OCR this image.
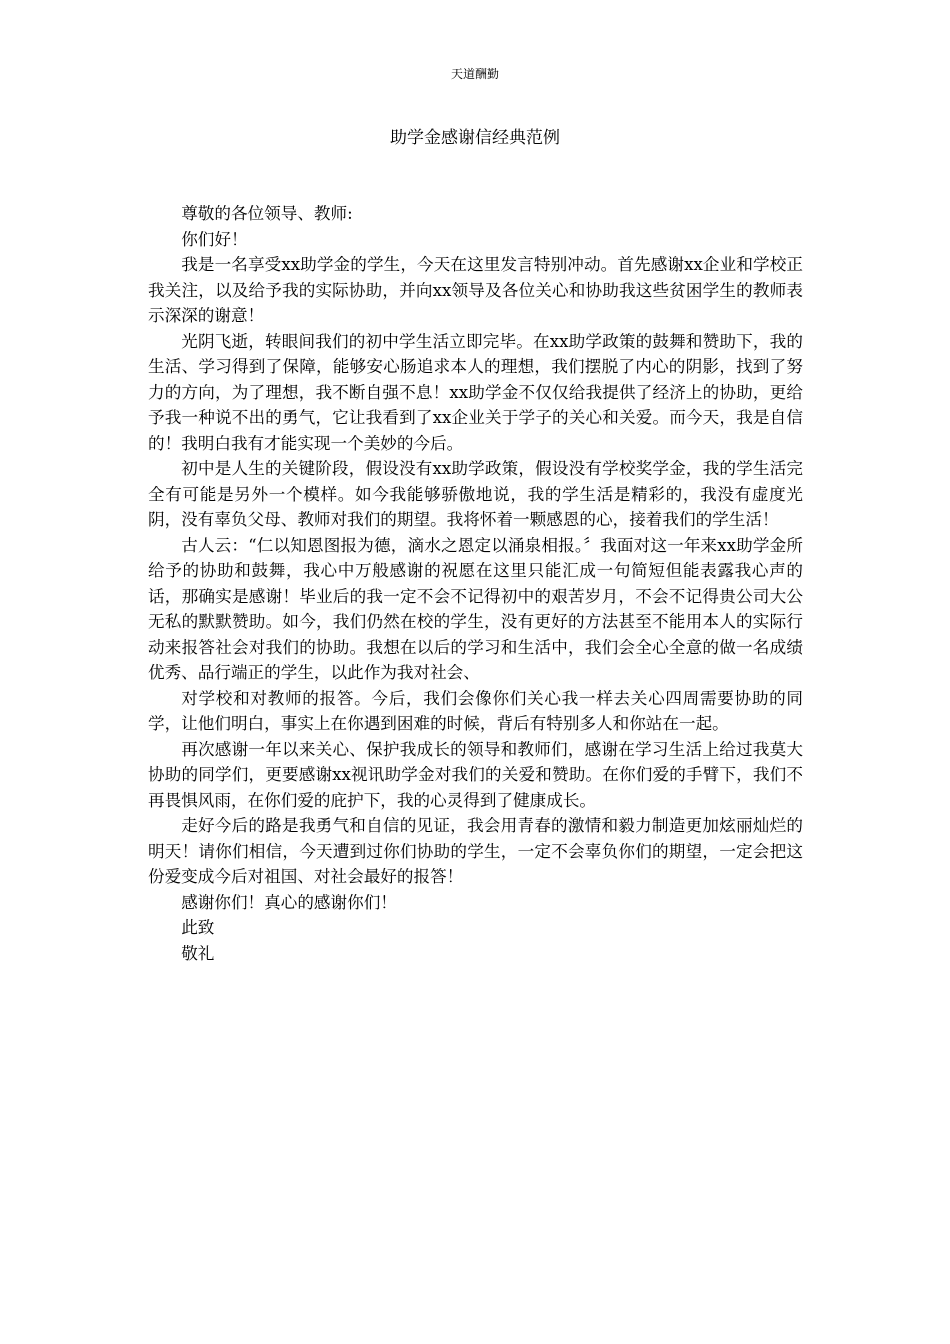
天道酬勤
助学金感谢信经典范例

尊敬的各位领导、教师:

你们好！

我是一名享受xx助学金的学生，今天在这里发言特别冲动。首先感谢xx企业和学校正我关注，以及给予我的实际协助，并向xx领导及各位关心和协助我这些贫困学生的教师表示深深的谢意！

光阴飞逝，转眼间我们的初中学生活立即完毕。在xx助学政策的鼓舞和赞助下，我的生活、学习得到了保障，能够安心肠追求本人的理想，我们摆脱了内心的阴影，找到了努力的方向，为了理想，我不断自强不息！xx助学金不仅仅给我提供了经济上的协助，更给予我一种说不出的勇气，它让我看到了xx企业关于学子的关心和关爱。而今天，我是自信的！我明白我有才能实现一个美妙的今后。

初中是人生的关键阶段，假设没有xx助学政策，假设没有学校奖学金，我的学生活完全有可能是另外一个模样。如今我能够骄傲地说，我的学生活是精彩的，我没有虚度光阴，没有辜负父母、教师对我们的期望。我将怀着一颗感恩的心，接着我们的学生活！

古人云：“仁以知恩图报为德，滴水之恩定以涌泉相报。〞我面对这一年来xx助学金所给予的协助和鼓舞，我心中万般感谢的祝愿在这里只能汇成一句简短但能表露我心声的话，那确实是感谢！毕业后的我一定不会不记得初中的艰苦岁月，不会不记得贵公司大公无私的默默赞助。如今，我们仍然在校的学生，没有更好的方法甚至不能用本人的实际行动来报答社会对我们的协助。我想在以后的学习和生活中，我们会全心全意的做一名成绩优秀、品行端正的学生，以此作为我对社会、

对学校和对教师的报答。今后，我们会像你们关心我一样去关心四周需要协助的同学，让他们明白，事实上在你遇到困难的时候，背后有特别多人和你站在一起。

再次感谢一年以来关心、保护我成长的领导和教师们，感谢在学习生活上给过我莫大协助的同学们，更要感谢xx视讯助学金对我们的关爱和赞助。在你们爱的手臂下，我们不再畏惧风雨，在你们爱的庇护下，我的心灵得到了健康成长。

走好今后的路是我勇气和自信的见证，我会用青春的激情和毅力制造更加炫丽灿烂的明天！请你们相信，今天遭到过你们协助的学生，一定不会辜负你们的期望，一定会把这份爱变成今后对祖国、对社会最好的报答！

感谢你们！真心的感谢你们！

此致

敬礼
